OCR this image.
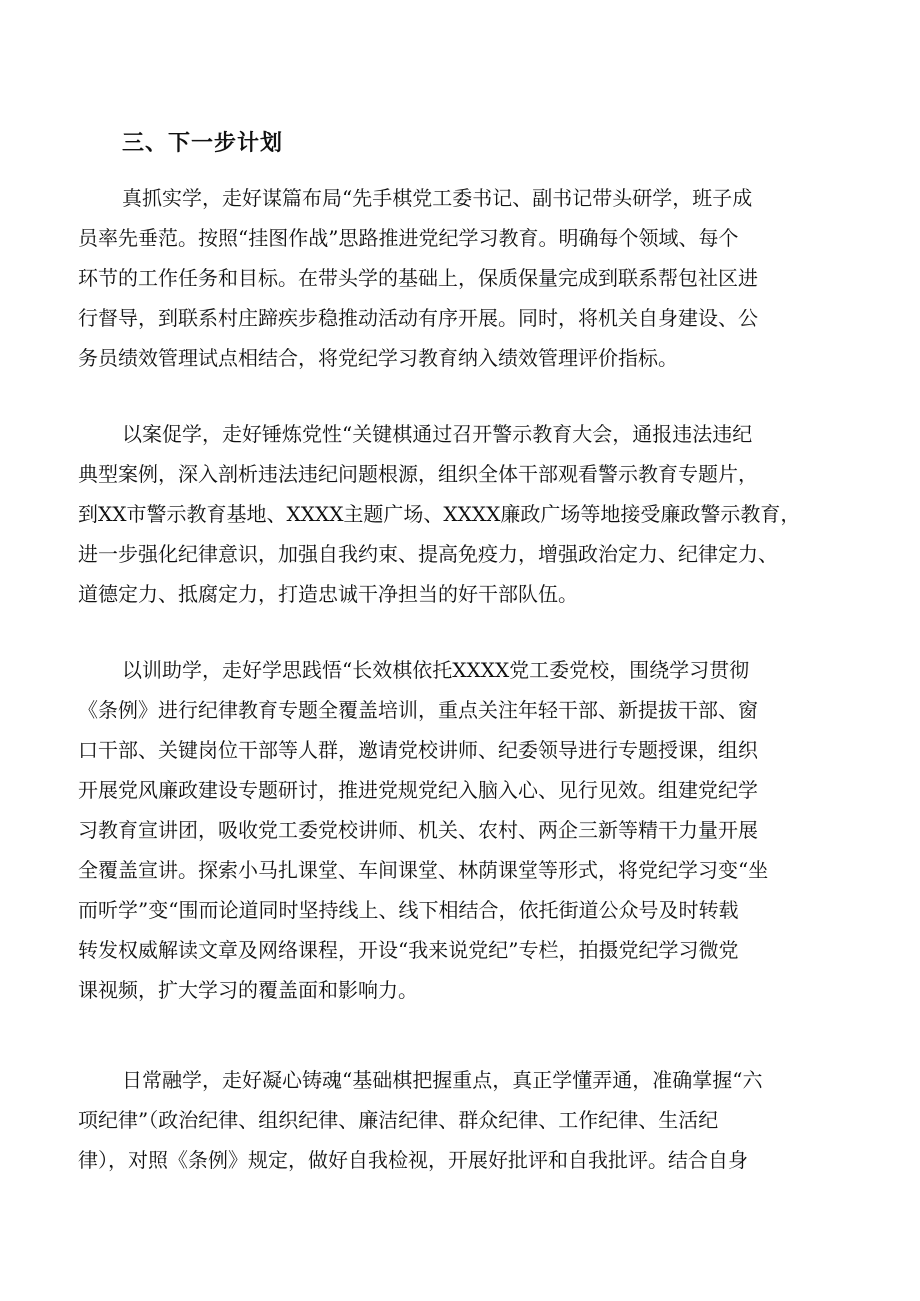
三、下一步计划
真抓实学，走好谋篇布局“先手棋党工委书记、副书记带头研学，班子成
员率先垂范。按照“挂图作战”思路推进党纪学习教育。明确每个领域、每个
环节的工作任务和目标。在带头学的基础上，保质保量完成到联系帮包社区进
行督导，到联系村庄蹄疾步稳推动活动有序开展。同时，将机关自身建设、公
务员绩效管理试点相结合，将党纪学习教育纳入绩效管理评价指标。
以案促学，走好锤炼党性“关键棋通过召开警示教育大会，通报违法违纪
典型案例，深入剖析违法违纪问题根源，组织全体干部观看警示教育专题片，
到XX市警示教育基地、XXXX主题广场、XXXX廉政广场等地接受廉政警示教育，
进一步强化纪律意识，加强自我约束、提高免疫力，增强政治定力、纪律定力、
道德定力、抵腐定力，打造忠诚干净担当的好干部队伍。
以训助学，走好学思践悟“长效棋依托XXXX党工委党校，围绕学习贯彻
《条例》进行纪律教育专题全覆盖培训，重点关注年轻干部、新提拔干部、窗
口干部、关键岗位干部等人群，邀请党校讲师、纪委领导进行专题授课，组织
开展党风廉政建设专题研讨，推进党规党纪入脑入心、见行见效。组建党纪学
习教育宣讲团，吸收党工委党校讲师、机关、农村、两企三新等精干力量开展
全覆盖宣讲。探索小马扎课堂、车间课堂、林荫课堂等形式，将党纪学习变“坐
而听学”变“围而论道同时坚持线上、线下相结合，依托街道公众号及时转载
转发权威解读文章及网络课程，开设“我来说党纪”专栏，拍摄党纪学习微党
课视频，扩大学习的覆盖面和影响力。
日常融学，走好凝心铸魂“基础棋把握重点，真正学懂弄通，准确掌握“六
项纪律”（政治纪律、组织纪律、廉洁纪律、群众纪律、工作纪律、生活纪
律），对照《条例》规定，做好自我检视，开展好批评和自我批评。结合自身
